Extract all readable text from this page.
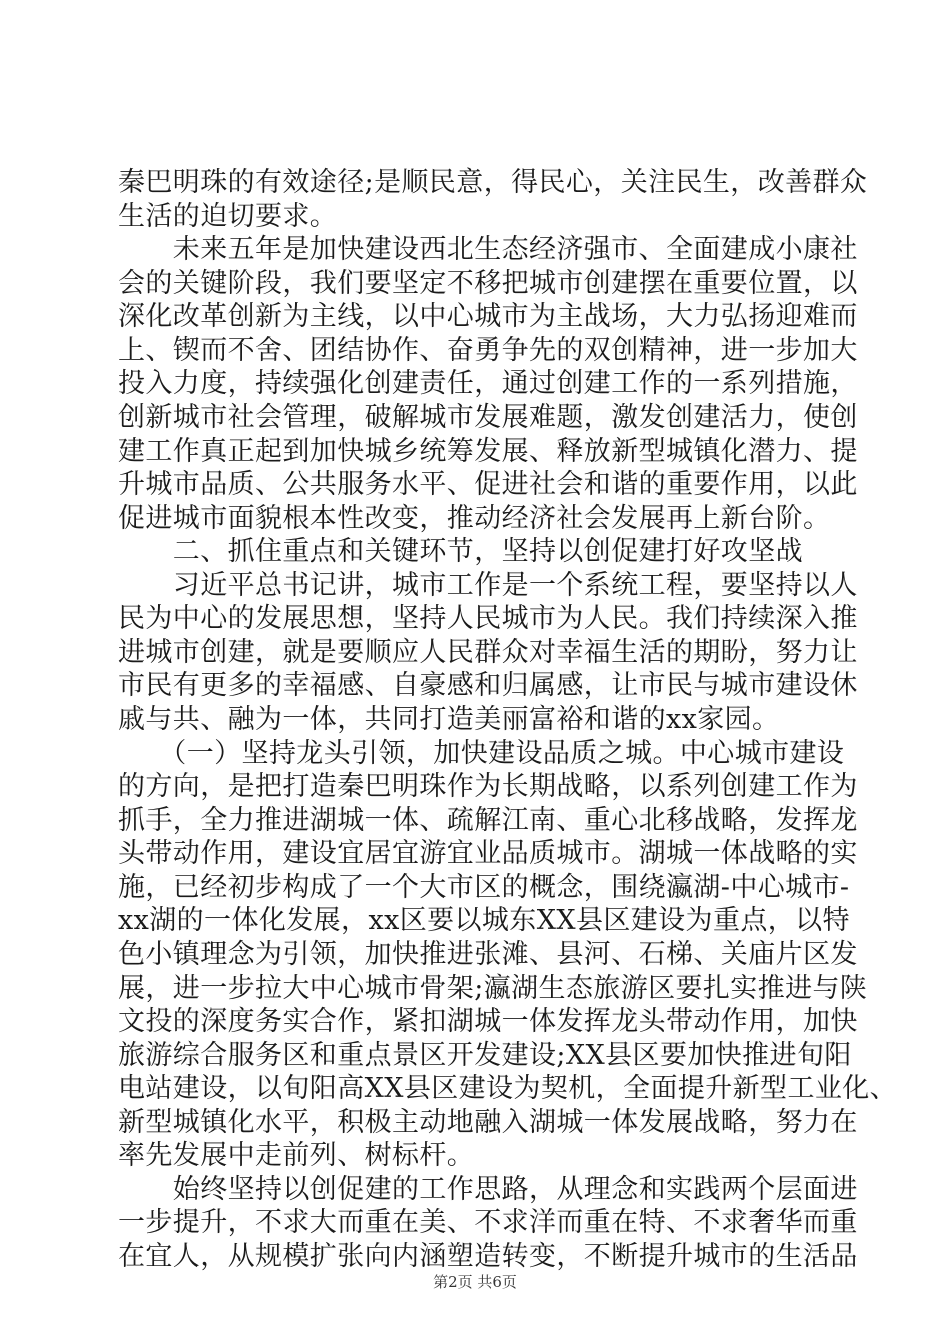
秦巴明珠的有效途径;是顺民意，得民心，关注民生，改善群众
生活的迫切要求。
　　未来五年是加快建设西北生态经济强市、全面建成小康社
会的关键阶段，我们要坚定不移把城市创建摆在重要位置，以
深化改革创新为主线，以中心城市为主战场，大力弘扬迎难而
上、锲而不舍、团结协作、奋勇争先的双创精神，进一步加大
投入力度，持续强化创建责任，通过创建工作的一系列措施，
创新城市社会管理，破解城市发展难题，激发创建活力，使创
建工作真正起到加快城乡统筹发展、释放新型城镇化潜力、提
升城市品质、公共服务水平、促进社会和谐的重要作用，以此
促进城市面貌根本性改变，推动经济社会发展再上新台阶。
　　二、抓住重点和关键环节，坚持以创促建打好攻坚战
　　习近平总书记讲，城市工作是一个系统工程，要坚持以人
民为中心的发展思想，坚持人民城市为人民。我们持续深入推
进城市创建，就是要顺应人民群众对幸福生活的期盼，努力让
市民有更多的幸福感、自豪感和归属感，让市民与城市建设休
戚与共、融为一体，共同打造美丽富裕和谐的xx家园。
　　（一）坚持龙头引领，加快建设品质之城。中心城市建设
的方向，是把打造秦巴明珠作为长期战略，以系列创建工作为
抓手，全力推进湖城一体、疏解江南、重心北移战略，发挥龙
头带动作用，建设宜居宜游宜业品质城市。湖城一体战略的实
施，已经初步构成了一个大市区的概念，围绕瀛湖-中心城市-
xx湖的一体化发展，xx区要以城东XX县区建设为重点，以特
色小镇理念为引领，加快推进张滩、县河、石梯、关庙片区发
展，进一步拉大中心城市骨架;瀛湖生态旅游区要扎实推进与陕
文投的深度务实合作，紧扣湖城一体发挥龙头带动作用，加快
旅游综合服务区和重点景区开发建设;XX县区要加快推进旬阳
电站建设，以旬阳高XX县区建设为契机，全面提升新型工业化、
新型城镇化水平，积极主动地融入湖城一体发展战略，努力在
率先发展中走前列、树标杆。
　　始终坚持以创促建的工作思路，从理念和实践两个层面进
一步提升，不求大而重在美、不求洋而重在特、不求奢华而重
在宜人，从规模扩张向内涵塑造转变，不断提升城市的生活品
第2页 共6页
